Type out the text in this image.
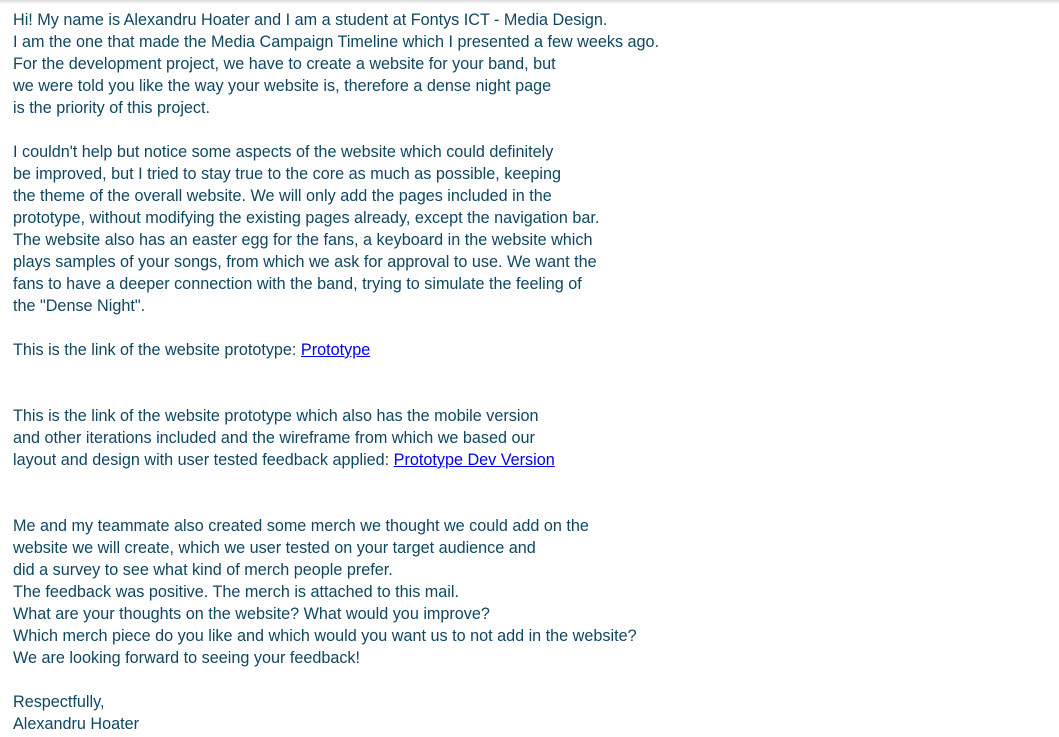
Hi! My name is Alexandru Hoater and I am a student at Fontys ICT - Media Design.
I am the one that made the Media Campaign Timeline which I presented a few weeks ago.
For the development project, we have to create a website for your band, but
we were told you like the way your website is, therefore a dense night page
is the priority of this project.
I couldn't help but notice some aspects of the website which could definitely
be improved, but I tried to stay true to the core as much as possible, keeping
the theme of the overall website. We will only add the pages included in the
prototype, without modifying the existing pages already, except the navigation bar.
The website also has an easter egg for the fans, a keyboard in the website which
plays samples of your songs, from which we ask for approval to use. We want the
fans to have a deeper connection with the band, trying to simulate the feeling of
the "Dense Night".
This is the link of the website prototype: Prototype
This is the link of the website prototype which also has the mobile version
and other iterations included and the wireframe from which we based our
layout and design with user tested feedback applied: Prototype Dev Version
Me and my teammate also created some merch we thought we could add on the
website we will create, which we user tested on your target audience and
did a survey to see what kind of merch people prefer.
The feedback was positive. The merch is attached to this mail.
What are your thoughts on the website? What would you improve?
Which merch piece do you like and which would you want us to not add in the website?
We are looking forward to seeing your feedback!
Respectfully,
Alexandru Hoater
